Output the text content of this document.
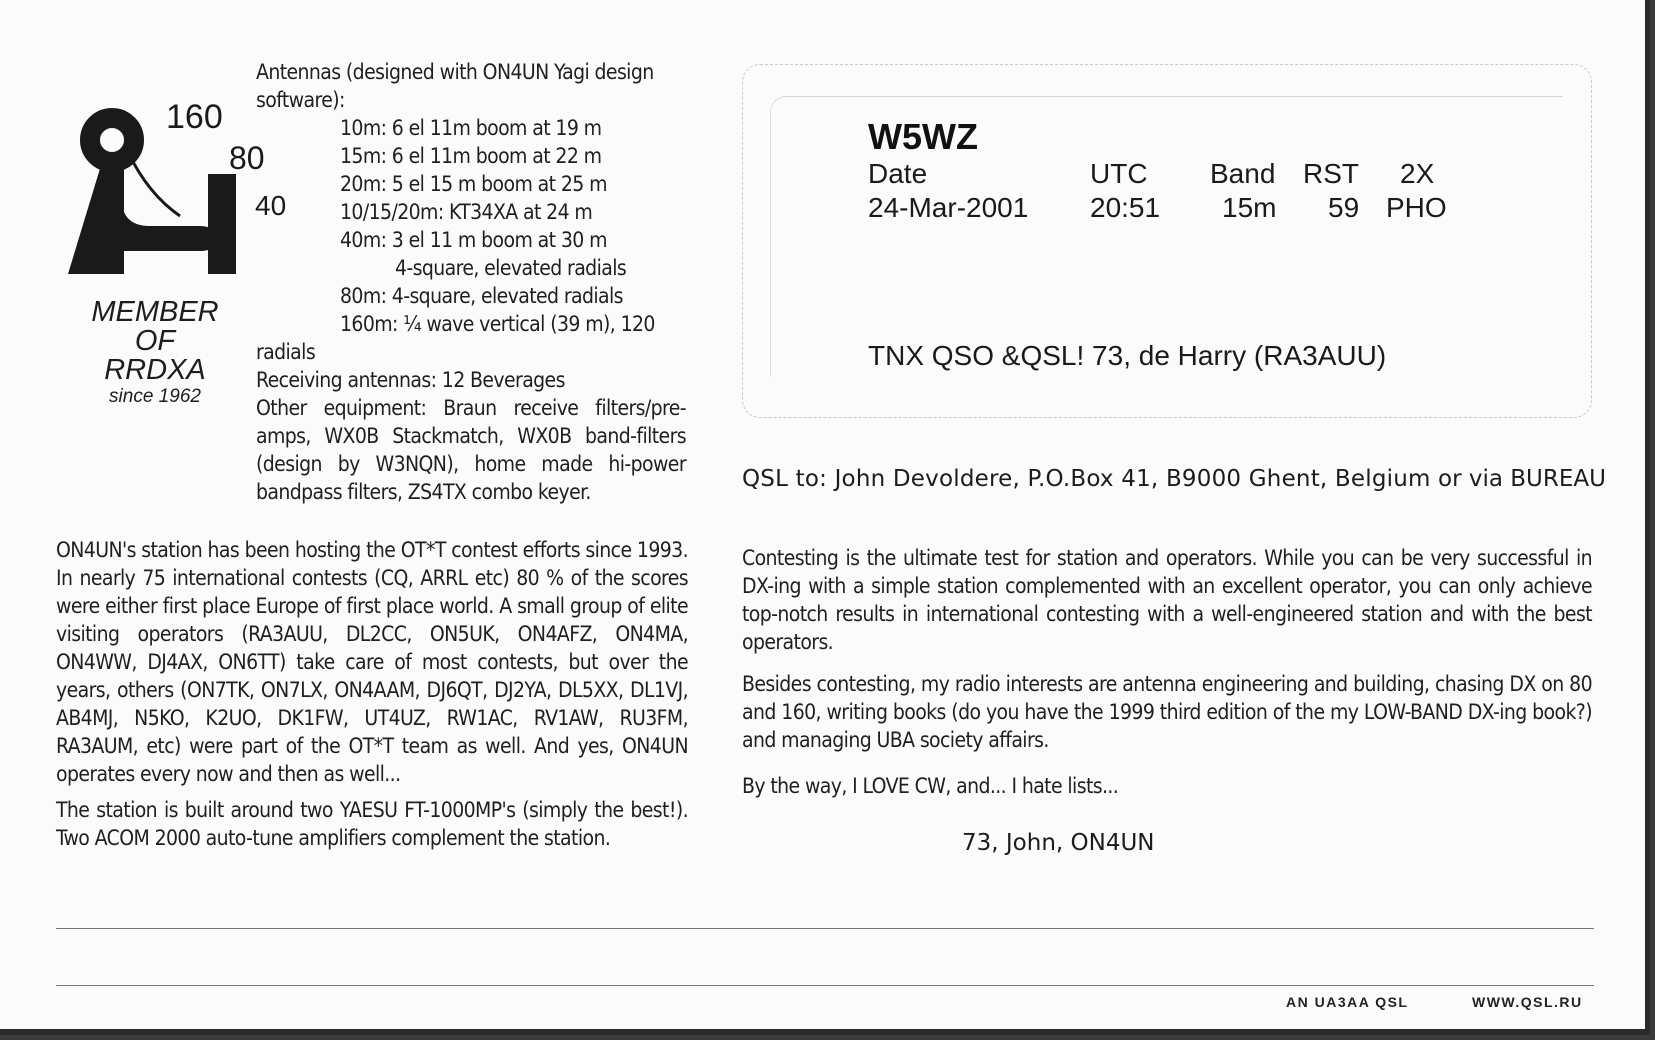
160
80
40
MEMBER
OF
RRDXA
since 1962
Antennas (designed with ON4UN Yagi design
software):
10m: 6 el 11m boom at 19 m
15m: 6 el 11m boom at 22 m
20m: 5 el 15 m boom at 25 m
10/15/20m: KT34XA at 24 m
40m: 3 el 11 m boom at 30 m
4-square, elevated radials
80m: 4-square, elevated radials
160m: ¼ wave vertical (39 m), 120
radials
Receiving antennas: 12 Beverages
Other equipment: Braun receive filters/pre-amps, WX0B Stackmatch, WX0B band-filters (design by W3NQN), home made hi-power bandpass filters, ZS4TX combo keyer.
ON4UN's station has been hosting the OT*T contest efforts since 1993. In nearly 75 international contests (CQ, ARRL etc) 80 % of the scores were either first place Europe of first place world. A small group of elite visiting operators (RA3AUU, DL2CC, ON5UK, ON4AFZ, ON4MA, ON4WW, DJ4AX, ON6TT) take care of most contests, but over the years, others (ON7TK, ON7LX, ON4AAM, DJ6QT, DJ2YA, DL5XX, DL1VJ, AB4MJ, N5KO, K2UO, DK1FW, UT4UZ, RW1AC, RV1AW, RU3FM, RA3AUM, etc) were part of the OT*T team as well. And yes, ON4UN operates every now and then as well...
The station is built around two YAESU FT-1000MP's (simply the best!). Two ACOM 2000 auto-tune amplifiers complement the station.
W5WZ
Date	UTC Band RST 2X
24-Mar-2001 20:51 15m 59 PHO
TNX QSO &QSL! 73, de Harry (RA3AUU)
QSL to: John Devoldere, P.O.Box 41, B9000 Ghent, Belgium or via BUREAU
Contesting is the ultimate test for station and operators. While you can be very successful in DX-ing with a simple station complemented with an excellent operator, you can only achieve top-notch results in international contesting with a well-engineered station and with the best operators.
Besides contesting, my radio interests are antenna engineering and building, chasing DX on 80 and 160, writing books (do you have the 1999 third edition of the my LOW-BAND DX-ing book?) and managing UBA society affairs.
By the way, I LOVE CW, and... I hate lists...
73, John, ON4UN
AN UA3AA QSL	WWW.QSL.RU
